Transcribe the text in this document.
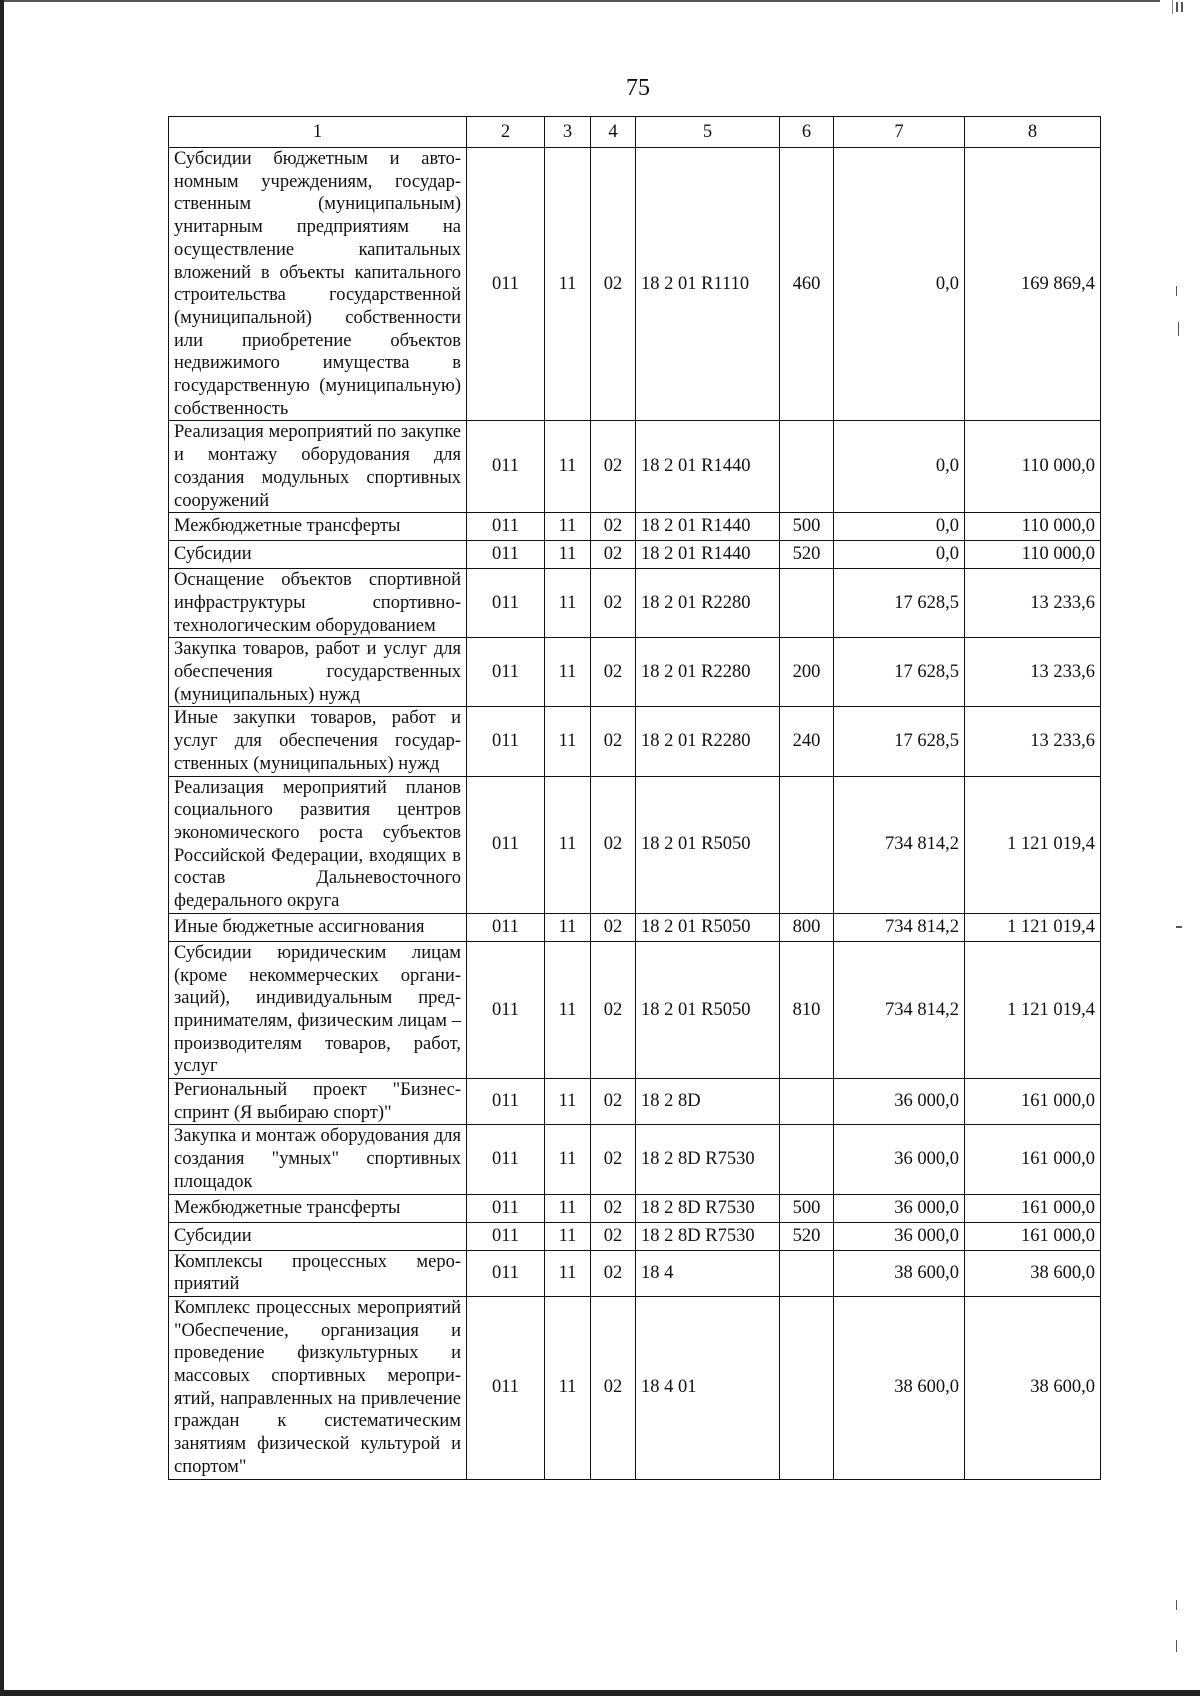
75
1	2	3	4	5	6	7	8
Субсидии бюджетным и автономным учреждениям, государственным (муниципальным) унитарным предприятиям на осуществление капитальных вложений в объекты капитального строительства государственной (муниципальной) собственности или приобретение объектов недвижимого имущества в государственную (муниципальную) собственность	011	11	02	18 2 01 R1110	460	0,0	169 869,4
Реализация мероприятий по закупке и монтажу оборудования для создания модульных спортивных сооружений	011	11	02	18 2 01 R1440		0,0	110 000,0
Межбюджетные трансферты	011	11	02	18 2 01 R1440	500	0,0	110 000,0
Субсидии	011	11	02	18 2 01 R1440	520	0,0	110 000,0
Оснащение объектов спортивной инфраструктуры спортивно-технологическим оборудованием	011	11	02	18 2 01 R2280		17 628,5	13 233,6
Закупка товаров, работ и услуг для обеспечения государственных (муниципальных) нужд	011	11	02	18 2 01 R2280	200	17 628,5	13 233,6
Иные закупки товаров, работ и услуг для обеспечения государственных (муниципальных) нужд	011	11	02	18 2 01 R2280	240	17 628,5	13 233,6
Реализация мероприятий планов социального развития центров экономического роста субъектов Российской Федерации, входящих в состав Дальневосточного федерального округа	011	11	02	18 2 01 R5050		734 814,2	1 121 019,4
Иные бюджетные ассигнования	011	11	02	18 2 01 R5050	800	734 814,2	1 121 019,4
Субсидии юридическим лицам (кроме некоммерческих организаций), индивидуальным предпринимателям, физическим лицам – производителям товаров, работ, услуг	011	11	02	18 2 01 R5050	810	734 814,2	1 121 019,4
Региональный проект "Бизнес-спринт (Я выбираю спорт)"	011	11	02	18 2 8D		36 000,0	161 000,0
Закупка и монтаж оборудования для создания "умных" спортивных площадок	011	11	02	18 2 8D R7530		36 000,0	161 000,0
Межбюджетные трансферты	011	11	02	18 2 8D R7530	500	36 000,0	161 000,0
Субсидии	011	11	02	18 2 8D R7530	520	36 000,0	161 000,0
Комплексы процессных мероприятий	011	11	02	18 4		38 600,0	38 600,0
Комплекс процессных мероприятий "Обеспечение, организация и проведение физкультурных и массовых спортивных мероприятий, направленных на привлечение граждан к систематическим занятиям физической культурой и спортом"	011	11	02	18 4 01		38 600,0	38 600,0
